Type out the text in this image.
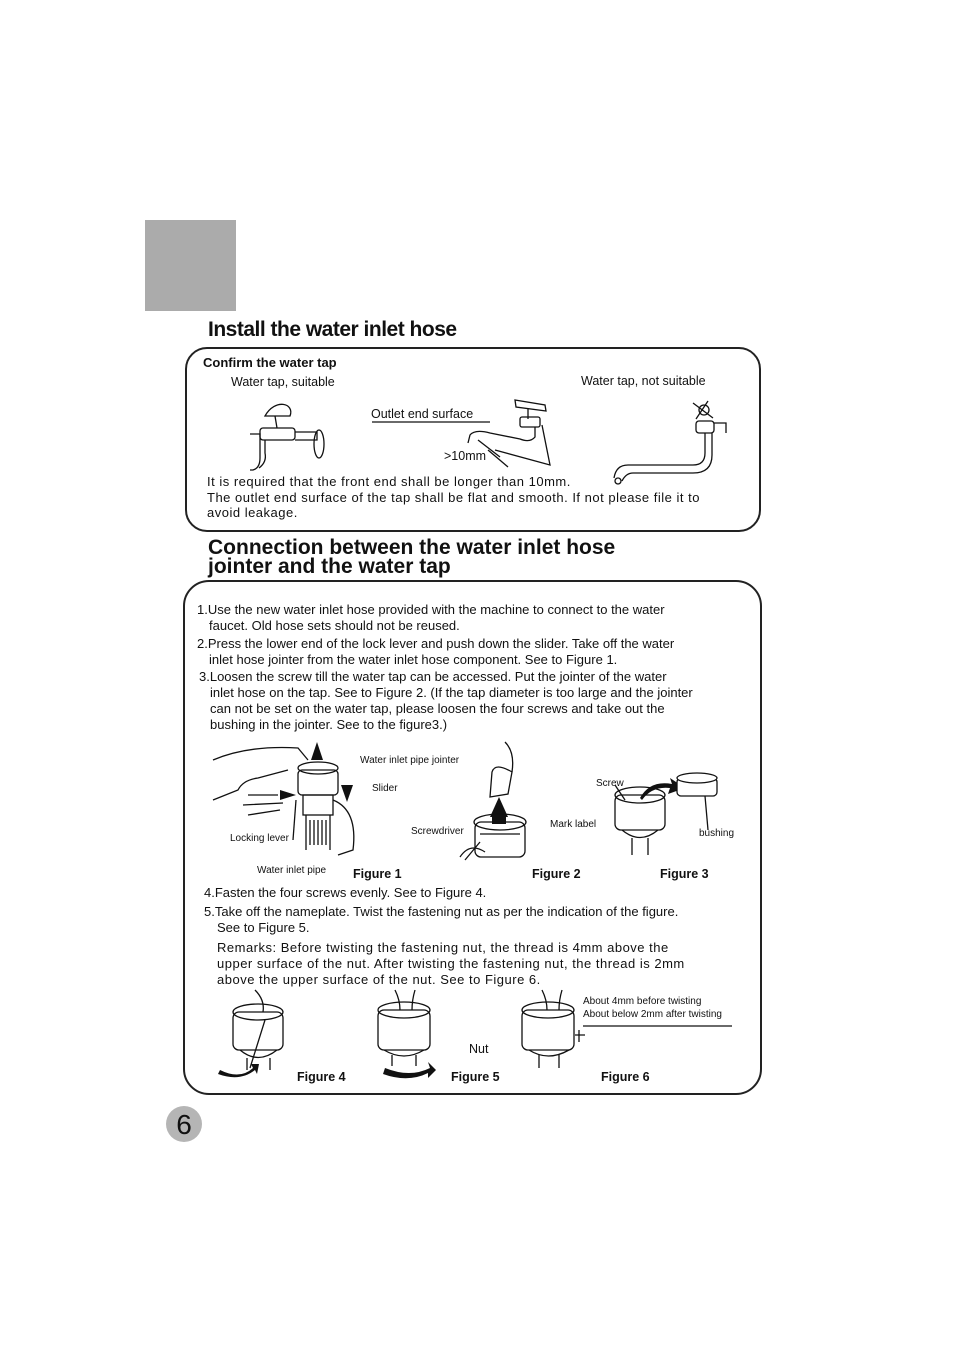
Install the water inlet hose
Confirm the water tap
Water tap, suitable	Water tap, not suitable
Outlet end surface
>10mm
It is required that the front end shall be longer than 10mm.
The outlet end surface of the tap shall be flat and smooth. If not please file it to
avoid leakage.
Connection between the water inlet hose
jointer and the water tap
1.Use the new water inlet hose provided with the machine to connect to the water
faucet. Old hose sets should not be reused.
2.Press the lower end of the lock lever and push down the slider. Take off the water
inlet hose jointer from the water inlet hose component. See to Figure 1.
3.Loosen the screw till the water tap can be accessed. Put the jointer of the water
inlet hose on the tap. See to Figure 2. (If the tap diameter is too large and the jointer
can not be set on the water tap, please loosen the four screws and take out the
bushing in the jointer. See to the figure3.)
Water inlet pipe jointer
Slider
Locking lever
Water inlet pipe
Screwdriver
Mark label
Screw
bushing
Figure 1	Figure 2	Figure 3
4.Fasten the four screws evenly. See to Figure 4.
5.Take off the nameplate. Twist the fastening nut as per the indication of the figure.
See to Figure 5.
Remarks: Before twisting the fastening nut, the thread is 4mm above the
upper surface of the nut. After twisting the fastening nut, the thread is 2mm
above the upper surface of the nut. See to Figure 6.
Nut
About 4mm before twisting
About below 2mm after twisting
Figure 4	Figure 5	Figure 6
6
